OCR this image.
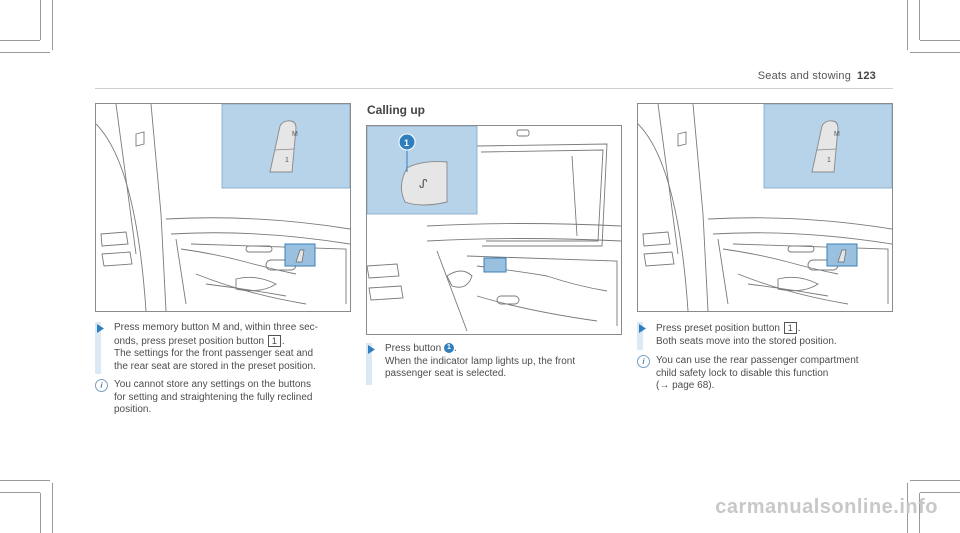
Seats and stowing 123
M
1
ᔑ
1
M
1
Calling up
Press memory button M and, within three sec-
onds, press preset position button 1 .
The settings for the front passenger seat and
the rear seat are stored in the preset position.
i	You cannot store any settings on the buttons
for setting and straightening the fully reclined
position.
Press button 1 .
When the indicator lamp lights up, the front
passenger seat is selected.
Press preset position button 1 .
Both seats move into the stored position.
i	You can use the rear passenger compartment
child safety lock to disable this function
(→ page 68).
carmanualsonline.info
